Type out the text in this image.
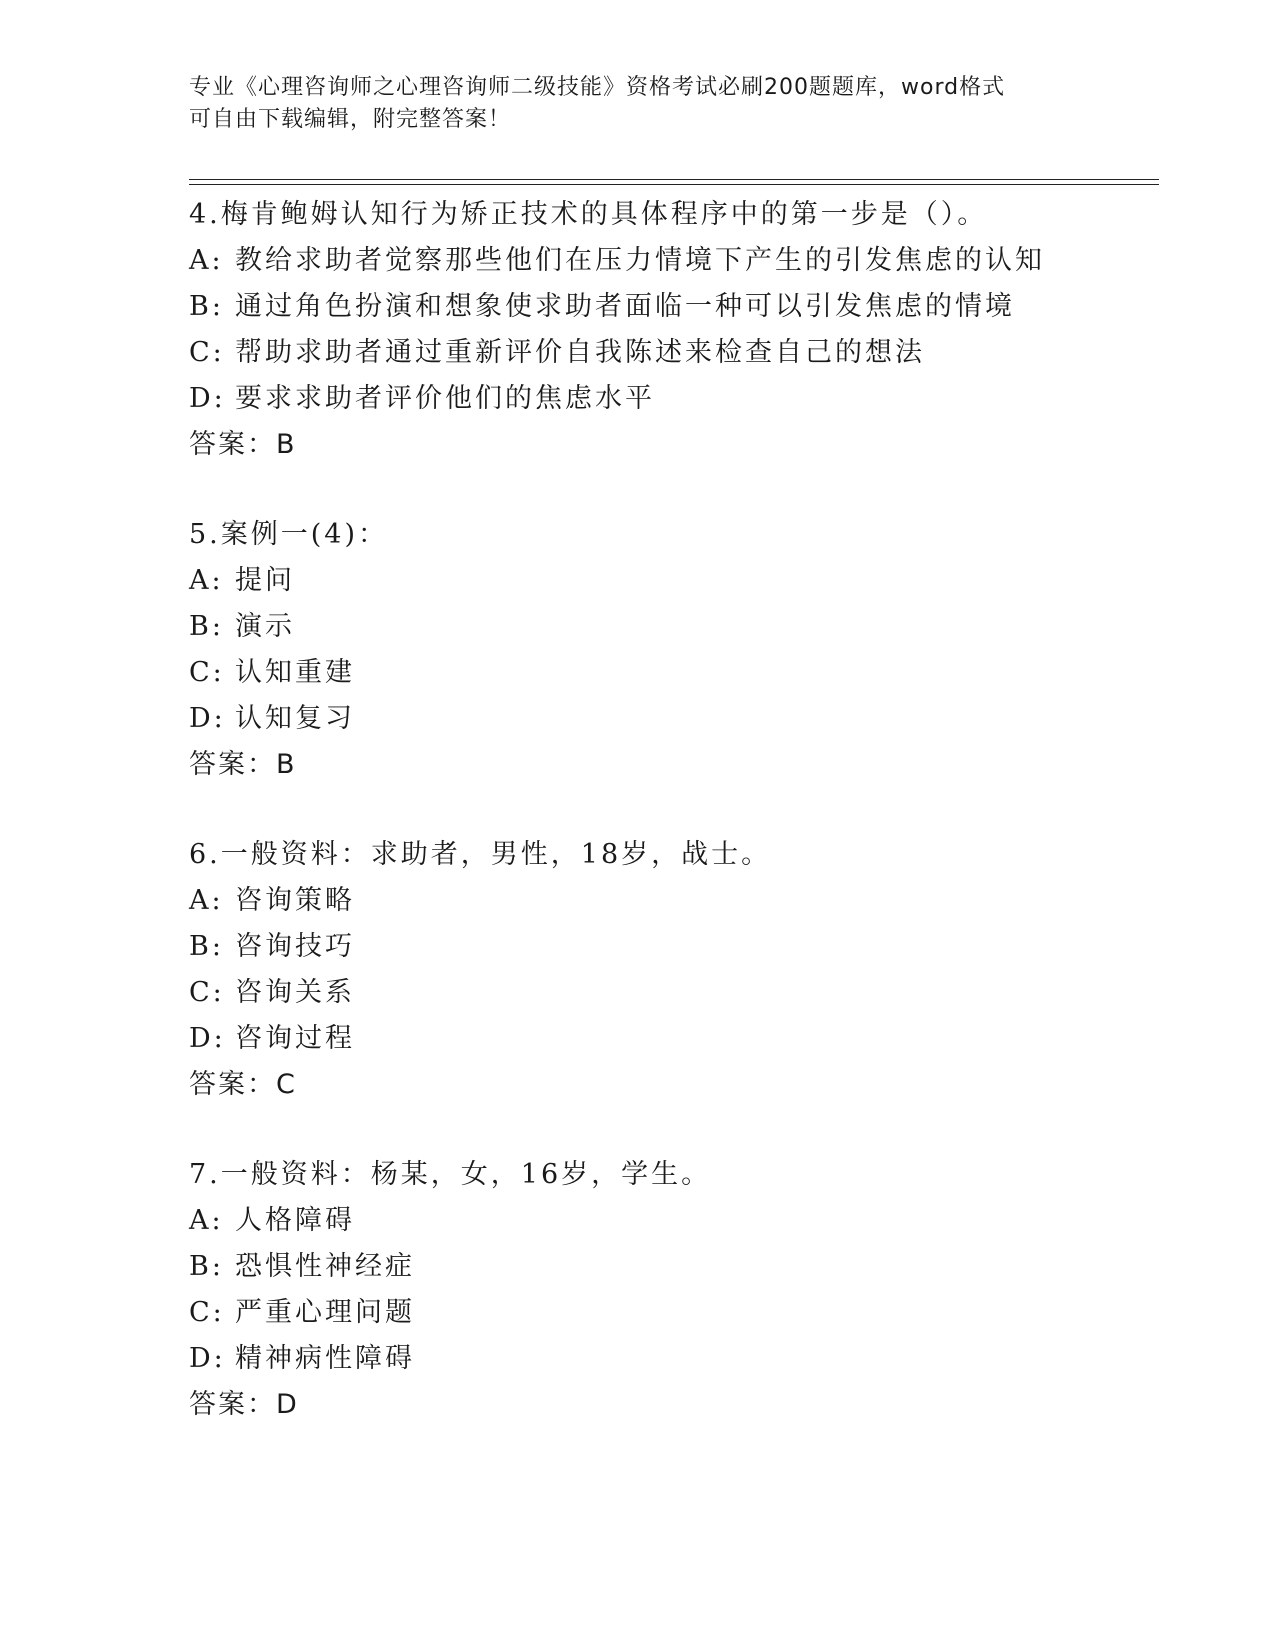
专业《心理咨询师之心理咨询师二级技能》资格考试必刷200题题库，word格式
可自由下载编辑，附完整答案！
4.梅肯鲍姆认知行为矫正技术的具体程序中的第一步是（）。
A: 教给求助者觉察那些他们在压力情境下产生的引发焦虑的认知
B: 通过角色扮演和想象使求助者面临一种可以引发焦虑的情境
C: 帮助求助者通过重新评价自我陈述来检查自己的想法
D: 要求求助者评价他们的焦虑水平
答案：B
5.案例一(4)：
A: 提问
B: 演示
C: 认知重建
D: 认知复习
答案：B
6.一般资料：求助者，男性，18岁，战士。
A: 咨询策略
B: 咨询技巧
C: 咨询关系
D: 咨询过程
答案：C
7.一般资料：杨某，女，16岁，学生。
A: 人格障碍
B: 恐惧性神经症
C: 严重心理问题
D: 精神病性障碍
答案：D
